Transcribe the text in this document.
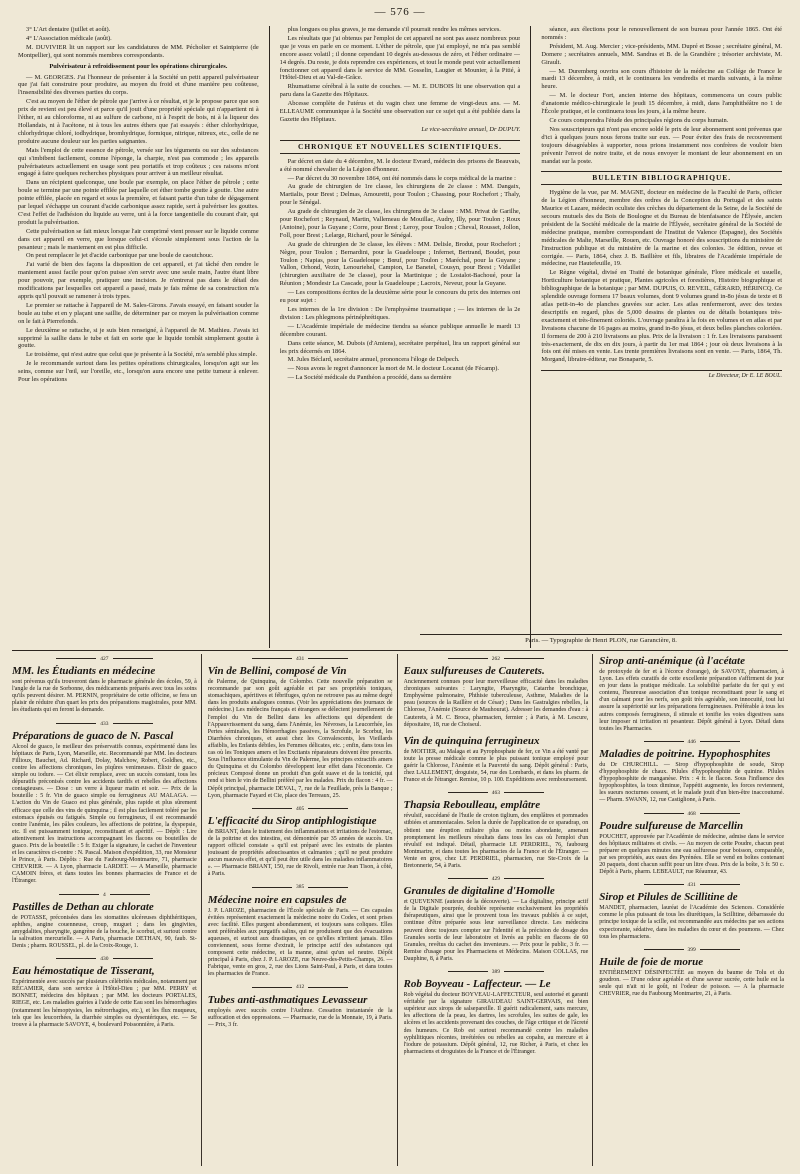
— 576 —

3° L'Art dentaire (juillet et août).

4° L'Association médicale (août).

M. DUVIVIER lit un rapport sur les candidatures de MM. Pécholier et Saintpierre (de Montpellier), qui sont nommés membres correspondants.

Pulvérisateur à refroidissement pour les opérations chirurgicales.

— M. GEORGES. J'ai l'honneur de présenter à la Société un petit appareil pulvérisateur que j'ai fait construire pour produire, au moyen du froid et d'une manière peu coûteuse, l'insensibilité des diverses parties du corps.

C'est au moyen de l'éther de pétrole que j'arrive à ce résultat, et je le propose parce que son prix de revient est peu élevé et parce qu'il jouit d'une propriété spéciale qui n'appartient ni à l'éther, ni au chloroforme, ni au sulfure de carbone, ni à l'esprit de bois, ni à la liqueur des Hollandais, ni à l'acétone, ni à tous les autres éthers que j'ai essayés : éther chlorhydrique, chlorhydrique chloré, iodhydrique, bromhydrique, formique, nitrique, nitreux, etc., celle de ne produire aucune douleur sur les parties saignantes.

Mais l'emploi de cette essence de pétrole, versée sur les téguments ou sur des substances qui s'imbibent facilement, comme l'éponge, la charpie, n'est pas commode ; les appareils pulvérisateurs actuellement en usage sont peu portatifs et trop coûteux ; ces raisons m'ont engagé à faire quelques recherches physiques pour arriver à un meilleur résultat.

Dans un récipient quelconque, une boule par exemple, on place l'éther de pétrole ; cette boule se termine par une pointe effilée par laquelle cet éther tombe goutte à goutte. Une autre pointe effilée, placée en regard et sous la première, et faisant partie d'un tube de dégagement par lequel s'échappe un courant d'acide carbonique assez rapide, sert à pulvériser les gouttes. C'est l'effet de l'adhésion du liquide au verre, uni à la force tangentielle du courant d'air, qui produit la pulvérisation.

Cette pulvérisation se fait mieux lorsque l'air comprimé vient presser sur le liquide comme dans cet appareil en verre, que lorsque celui-ci s'écoule simplement sous l'action de la pesanteur ; mais le maniement en est plus difficile.

On peut remplacer le jet d'acide carbonique par une boule de caoutchouc.

J'ai varié de bien des façons la disposition de cet appareil, et j'ai tâché d'en rendre le maniement aussi facile pour qu'on puisse s'en servir avec une seule main, l'autre étant libre pour pouvoir, par exemple, pratiquer une incision. Je n'entrerai pas dans le détail des modifications par lesquelles cet appareil a passé, mais je fais même de sa construction m'a appris qu'il pouvait se ramener à trois types.

Le premier se rattache à l'appareil de M. Sales-Girons. J'avais essayé, en faisant souder la boule au tube et en y plaçant une saillie, de déterminer par ce moyen la pulvérisation comme on le fait à Pierrefonds.

Le deuxième se rattache, si je suis bien renseigné, à l'appareil de M. Mathieu. J'avais ici supprimé la saillie dans le tube et fait en sorte que le liquide tombât simplement goutte à goutte.

Le troisième, qui n'est autre que celui que je présente à la Société, m'a semblé plus simple.

Je le recommande surtout dans les petites opérations chirurgicales, lorsqu'on agit sur les seins, comme sur l'œil, sur l'oreille, etc., lorsqu'on aura encore une petite tumeur à enlever. Pour les opérations

plus longues ou plus graves, je me demande s'il pourrait rendre les mêmes services.

Les résultats que j'ai obtenus par l'emploi de cet appareil ne sont pas assez nombreux pour que je vous en parle en ce moment. L'éther de pétrole, que j'ai employé, ne m'a pas semblé encore assez volatil ; il donne cependant 10 degrés au-dessous de zéro, et l'éther ordinaire — 14 degrés. Du reste, je dois reprendre ces expériences, et tout le monde peut voir actuellement fonctionner cet appareil dans le service de MM. Gosselin, Laugier et Mounier, à la Pitié, à l'Hôtel-Dieu et au Val-de-Grâce.

Rhumatisme cérébral à la suite de couches. — M. E. DUBOIS lit une observation qui a paru dans la Gazette des Hôpitaux.

Abcesse complète de l'utérus et du vagin chez une femme de vingt-deux ans. — M. ELLEAUME communique à la Société une observation sur ce sujet qui a été publiée dans la Gazette des Hôpitaux.

Le vice-secrétaire annuel, Dr DUPUY.
CHRONIQUE ET NOUVELLES SCIENTIFIQUES.

Par décret en date du 4 décembre, M. le docteur Evrard, médecin des prisons de Beauvais, a été nommé chevalier de la Légion d'honneur.

— Par décret du 30 novembre 1864, ont été nommés dans le corps médical de la marine :

Au grade de chirurgien de 1re classe, les chirurgiens de 2e classe : MM. Dangaix, Martialis, pour Brest ; Delmas, Amouretti, pour Toulon ; Chassing, pour Rochefort ; Thaly, pour le Sénégal.

Au grade de chirurgien de 2e classe, les chirurgiens de 3e classe : MM. Privat de Garilhe, pour Rochefort ; Reynaud, Martin, Vallemeau de Mouillac, Audry, Illy, pour Toulon ; Roux (Antoine), pour la Guyane ; Corre, pour Brest ; Leroy, pour Toulon ; Cheval, Rousset, Jollon, Foll, pour Brest ; Lelarge, Richard, pour le Sénégal.

Au grade de chirurgien de 3e classe, les élèves : MM. Delisle, Brodut, pour Rochefort ; Nègre, pour Toulon ; Bernardini, pour la Guadeloupe ; Infernet, Bertrand, Boudet, pour Toulon ; Napias, pour la Guadeloupe ; Bœuf, pour Toulon ; Maréchal, pour la Guyane ; Vallon, Orhond, Vezin, Lenouriehel, Campion, Le Banetel, Cousyn, pour Brest ; Vidaillet (chirurgien auxiliaire de 3e classe), pour la Martinique ; de Lostalot-Bachoué, pour la Réunion ; Mondesir La Cascade, pour la Guadeloupe ; Lacroix, Neveur, pour la Guyane.

— Les compositions écrites de la deuxième série pour le concours du prix des internes ont eu pour sujet :

Les internes de la 1re division : De l'emphysème traumatique ; — les internes de la 2e division : Les phlegmons périnéphrétiques.

— L'Académie impériale de médecine tiendra sa séance publique annuelle le mardi 13 décembre courant.

Dans cette séance, M. Dubois (d'Amiens), secrétaire perpétuel, lira un rapport général sur les prix décernés en 1864.

M. Jules Béclard, secrétaire annuel, prononcera l'éloge de Delpech.

— Nous avons le regret d'annoncer la mort de M. le docteur Locanut (de Fécamp).

— La Société médicale du Panthéon a procédé, dans sa dernière

séance, aux élections pour le renouvellement de son bureau pour l'année 1865. Ont été nommés :

Président, M. Aug. Mercier ; vice-présidents, MM. Dupré et Bosse ; secrétaire général, M. Domere ; secrétaires annuels, MM. Sandras et B. de la Grandière ; trésorier archiviste, M. Girault.

— M. Duremberg ouvrira son cours d'histoire de la médecine au Collége de France le mardi 13 décembre, à midi, et le continuera les vendredis et mardis suivants, à la même heure.

— M. le docteur Fort, ancien interne des hôpitaux, commencera un cours public d'anatomie médico-chirurgicale le jeudi 15 décembre, à midi, dans l'amphithéâtre no 1 de l'École pratique, et le continuera tous les jours, à la même heure.

Ce cours comprendra l'étude des principales régions du corps humain.

Nos souscripteurs qui n'ont pas encore soldé le prix de leur abonnement sont prévenus que d'ici à quelques jours nous ferons traite sur eux. — Pour éviter des frais de recouvrement toujours désagréables à supporter, nous prions instamment nos confrères de vouloir bien prévenir l'envoi de notre traite, et de nous envoyer le montant de leur abonnement en un mandat sur la poste.

BULLETIN BIBLIOGRAPHIQUE.

Hygiène de la vue, par M. MAGNE, docteur en médecine de la Faculté de Paris, officier de la Légion d'honneur, membre des ordres de la Conception du Portugal et des saints Maurice et Lazare, médecin oculiste des crèches du département de la Seine, de la Société de secours mutuels des du Bois de Boulogne et du Bureau de bienfaisance de l'Élysée, ancien président de la Société médicale de la mairie de l'Élysée, secrétaire général de la Société de médecine pratique, membre correspondant de l'Institut de Valence (Espagne), des Sociétés médicales de Malte, Marseille, Rouen, etc. Ouvrage honoré des souscriptions du ministère de l'instruction publique et du ministère de la marine et des colonies. 3e édition, revue et corrigée. — Paris, 1864, chez J. B. Baillière et fils, libraires de l'Académie impériale de médecine, rue Hautefeuille, 19.

Le Règne végétal, divisé en Traité de botanique générale, Flore médicale et usuelle, Horticulture botanique et pratique, Plantes agricoles et forestières, Histoire biographique et bibliographique de la botanique ; par MM. DUPUIS, O. REVEIL, GÉRARD, HÉRINCQ. Ce splendide ouvrage formera 17 beaux volumes, dont 9 volumes grand in-8o jésus de texte et 8 atlas petit-in-4o de planches gravées sur acier. Les atlas renfermeront, avec des textes descriptifs en regard, plus de 5,000 dessins de plantes ou de détails botaniques très-exactement et très-finement coloriés. L'ouvrage paraîtra à la fois en volumes et en atlas et par livraisons chacune de 16 pages au moins, grand in-8o jésus, et deux belles planches coloriées. Il formera de 200 à 210 livraisons au plus. Prix de la livraison : 1 fr. Les livraisons paraissent très-exactement, de dix en dix jours, à partir du 1er mai 1864 ; jour où deux livraisons à la fois ont été mises en vente. Les trente premières livraisons sont en vente. — Paris, 1864, Th. Morgand, libraire-éditeur, rue Bonaparte, 5.

Le Directeur, Dr E. LE BOUL.
Paris. — Typographie de Henri PLON, rue Garancière, 8.
427
MM. les Étudiants en médecine
sont prévenus qu'ils trouveront dans le pharmacie générale des écoles, 59, à l'angle de la rue de Sorbonne, des médicaments préparés avec tous les soins qu'ils peuvent désirer. M. PERNIN, propriétaire de cette officine, se fera un plaisir de réduire d'un quart les prix des préparations magistrales, pour MM. les étudiants qui en feront la demande.
433
Préparations de guaco de N. Pascal
Alcool de guaco, le meilleur des préservatifs connus, expérimenté dans les hôpitaux de Paris, Lyon, Marseille, etc. Recommandé par MM. les docteurs Fillioux, Bauchet, Ad. Richard, Dolay, Malchow, Robert, Goldhes, etc., contre les affections chroniques, les piqûres venimeuses. Élixir de guaco simple ou iodure. — Cet élixir remplace, avec un succès constant, tous les dépuratifs préconisés contre les accidents tardifs et rebelles des affections contagieuses. — Dose : un verre à liqueur matin et soir. — Prix de la bouteille : 5 fr. Vin de guaco simple ou ferrugineux AU MALAGA. — L'action du Vin de Guaco est plus générale, plus rapide et plus sûrement efficace que celle des vins de quinquina ; il est plus facilement toléré par les estomacs épuisés ou fatigués. Simple ou ferrugineux, il est recommandé contre l'anémie, les pâles couleurs, les affections de poitrine, la dyspepsie, etc. Il est puissamment tonique, reconstituant et apéritif. — Dépôt : Lire attentivement les instructions accompagnant les flacons ou bouteilles de guaco. Prix de la bouteille : 5 fr. Exiger la signature, le cachet de l'inventeur et les caractères ci-contre : N. Pascal. Maison d'expédition, 33, rue Monsieur le Prince, à Paris. Dépôts : Rue du Faubourg-Montmartre, 71, pharmacie CHEVRIER. — A Lyon, pharmacie LARDET. — A Marseille, pharmacie CAMOIN frères, et dans toutes les bonnes pharmacies de France et de l'Étranger.
4
Pastilles de Dethan au chlorate
de POTASSE, préconisées dans les stomatites ulcéreuses diphthéritiques, aphthes, angine couenneuse, croup, muguet ; dans les gingivites, amygdalites, pharyngite, gangrène de la bouche, le scorbut, et surtout contre la salivation mercurielle. — A Paris, pharmacie DETHAN, 90, faub. St-Denis ; pharm. ROUSSEL, pl. de la Croix-Rouge, 1.
430
Eau hémostatique de Tisserant,
Expérimentée avec succès par plusieurs célébrités médicales, notamment par RÉCAMIER, dans son service à l'Hôtel-Dieu ; par MM. PERRY et BONNET, médecins des hôpitaux ; par MM. les docteurs PORTALES, RIEGE, etc. Les maladies guéries à l'aide de cette Eau sont les hémorrhagies (notamment les hémoptysies, les métrorrhagies, etc.), et les flux muqueux, tels que les leucorrhées, la diarrhée simples ou dysentériques, etc. — Se trouve à la pharmacie SAVOYE, 4, boulevard Poissonnière, à Paris.
431
Vin de Bellini, composé de Vin
de Palerme, de Quinquina, de Colombo. Cette nouvelle préparation se recommande par son goût agréable et par ses propriétés toniques, stomachiques, apéritives et fébrifuges, qu'on ne retrouve pas au même degré dans les produits analogues connus. (Voir les appréciations des journaux de médecine.) Les médecins français et étrangers se délectent journellement de l'emploi du Vin de Bellini dans les affections qui dépendent de l'Appauvrissement du sang, dans l'Anémie, les Névroses, la Leucorrhée, les Pertes séminales, les Hémorrhagies passives, la Scrofule, le Scorbut, les Diarrhées chroniques, et aussi chez les Convalescents, les Vieillards affaiblis, les Enfants débiles, les Femmes délicates, etc. ; enfin, dans tous les cas où les Toniques amers et les Excitants réparateurs doivent être prescrits. Sous l'influence stimulante du Vin de Palerme, les principes extractifs amers du Quinquina et du Colombo développent leur effet dans l'économie. Ce précieux Composé donne un produit d'un goût suave et de la tonicité, qui rend si bien le vin de Bellini préféré par les malades. Prix du flacon : 4 fr. — Dépôt principal, pharmacie DEVAL, 7, rue de la Feuillade, près la Banque ; Lyon, pharmacie Fayard et Cie, place des Terreaux, 25.
405
L'efficacité du Sirop antiphlogistique
de BRIANT, dans le traitement des inflammations et irritations de l'estomac, de la poitrine et des intestins, est démontrée par 35 années de succès. Un rapport officiel constate « qu'il est préparé avec les extraits de plantes jouissant de propriétés adoucissantes et calmantes ; qu'il ne peut produire aucun mauvais effet, et qu'il peut être utile dans les maladies inflammatoires ». — Pharmacie BRIANT, 150, rue de Rivoli, entrée rue Jean Tison, à côté, à Paris.
385
Médecine noire en capsules de
J. P. LAROZE, pharmacien de l'École spéciale de Paris. — Ces capsules évitées représentent exactement la médecine noire du Codex, et sont prises avec facilité. Elles purgent abondamment, et toujours sans coliques. Elles sont préférables aux purgatifs salins, qui ne produisent que des évacuations aqueuses, et surtout aux drastiques, en ce qu'elles n'irritent jamais. Elles conviennent, sous forme d'extrait, le principe actif des substances qui composent cette médecine, et la manne, ainsi qu'un sel neutre. Dépôt principal à Paris, chez J. P. LAROZE, rue Neuve-des-Petits-Champs, 26. — Fabrique, vente en gros, 2, rue des Lions Saint-Paul, à Paris, et dans toutes les pharmacies de France.
412
Tubes anti-asthmatiques Levasseur
employés avec succès contre l'Asthme. Cessation instantanée de la suffocation et des oppressions. — Pharmacie, rue de la Monnaie, 19, à Paris. — Prix, 3 fr.
262
Eaux sulfureuses de Cauterets.
Anciennement connues pour leur merveilleuse efficacité dans les maladies chroniques suivantes : Laryngite, Pharyngite, Catarrhe bronchique, Emphysème pulmonaire, Phthisie tuberculeuse, Asthme, Maladies de la peau (sources de la Raillère et de César) ; Dans les Gastralgies rebelles, la Chlorose, l'Anémie (Source de Mauhourat). Adresser les demandes d'eau : à Cauterets, à M. C. Broca, pharmacien, fermier ; à Paris, à M. Lescure, dépositaire, 18, rue de Choiseul.
Vin de quinquina ferrugineux
de MOITIER, au Malaga et au Pyrophosphate de fer, ce Vin a été vanté par toute la presse médicale comme le plus puissant tonique employé pour guérir la Chlorose, l'Anémie et la Pauvreté du sang. Dépôt général : Paris, chez LALLEMENT, droguiste, 54, rue des Lombards, et dans les pharm. de France et de l'étranger. Remise, 10 p. 100. Expéditions avec remboursement.
463
Thapsia Reboulleau, emplâtre
révulsif, succédané de l'huile de croton tiglium, des emplâtres et pommades stibiées et ammoniacales. Selon la durée de l'application de ce sparadrap, on obtient une éruption miliaire plus ou moins abondante, amenant promptement les meilleurs résultats dans tous les cas où l'emploi d'un révulsif est indiqué. Détail, pharmacie LE PERDRIEL, 76, faubourg Montmartre, et dans toutes les pharmacies de la France et de l'Étranger. — Vente en gros, chez LE PERDRIEL, pharmacien, rue Ste-Croix de la Bretonnerie, 54, à Paris.
429
Granules de digitaline d'Homolle
et QUEVENNE (auteurs de la découverte). — La digitaline, principe actif de la Digitale pourprée, doublée représente exclusivement les propriétés thérapeutiques, ainsi que le prouvent tous les travaux publiés à ce sujet, continue d'être préparée sous leur surveillance directe. Les médecins peuvent donc toujours compter sur l'identité et la précision de dosage des Granules sortis de leur laboratoire et livrés au public en flacons de 60 Granules, revêtus du cachet des inventeurs. — Prix pour le public, 3 fr. — Remise d'usage pour les Pharmaciens et Médecins. Maison COLLAS, rue Dauphine, 8, à Paris.
389
Rob Boyveau - Laffecteur. — Le
Rob végétal du docteur BOYVEAU-LAFFECTEUR, seul autorisé et garanti véritable par la signature GIRAUDEAU SAINT-GERVAIS, est bien supérieur aux sirops de salsepareille. Il guérit radicalement, sans mercure, les affections de la peau, les dartres, les scrofules, les suites de gale, les ulcères et les accidents provenant des couches, de l'âge critique et de l'âcreté des humeurs. Ce Rob est surtout recommandé contre les maladies syphilitiques récentes, invétérées ou rebelles au copahu, au mercure et à l'iodure de potassium. Dépôt général, 12, rue Richer, à Paris, et chez les pharmaciens et droguistes de la France et de l'Étranger.
Sirop anti-anémique (à l'acétate
de protoxyde de fer et à l'écorce d'orange), de SAVOYE, pharmacien, à Lyon. Les effets curatifs de cette excellente préparation s'affirment de jour en jour dans la pratique médicale. La solubilité parfaite du fer qui y est contenu, l'heureuse association d'un tonique reconstituant pour le sang et d'un calmant pour les nerfs, son goût très agréable, son innocuité, tout lui assure la supériorité sur les préparations ferrugineuses. Préférable à tous les autres composés ferrugineux, il stimule et tonifie les voies digestives sans leur imposer ni irritation ni pesanteur. Dépôt général à Lyon. Détail dans toutes les Pharmacies.
446
Maladies de poitrine. Hypophosphites
du Dr CHURCHILL. — Sirop d'hypophosphite de soude, Sirop d'hypophosphite de chaux. Pilules d'hypophosphite de quinine. Pilules d'hypophosphite de manganèse. Prix : 4 fr. le flacon. Sous l'influence des hypophosphites, la toux diminue, l'appétit augmente, les forces reviennent, les sueurs nocturnes cessent, et le malade jouit d'un bien-être inaccoutumé. — Pharm. SWANN, 12, rue Castiglione, à Paris.
468
Poudre sulfureuse de Marcellin
POUCHET, approuvée par l'Académie de médecine, admise dans le service des hôpitaux militaires et civils. — Au moyen de cette Poudre, chacun peut préparer en quelques minutes une eau sulfureuse pour boisson, comparable, par ses propriétés, aux eaux des Pyrénées. Elle se vend en boîtes contenant 20 paquets, dont chacun suffit pour un litre d'eau. Prix de la boîte, 3 fr. 50 c. Dépôt à Paris, pharm. LEBEAULT, rue Réaumur, 43.
431
Sirop et Pilules de Scillitine de
MANDET, pharmacien, lauréat de l'Académie des Sciences. Considérée comme le plus puissant de tous les diurétiques, la Scillitine, débarrassée du principe toxique de la scille, est recommandée aux médecins par ses actions expectorante, sédative, dans les maladies du cœur et des poumons. — Chez tous les pharmaciens.
399
Huile de foie de morue
ENTIÈREMENT DÉSINFECTÉE au moyen du baume de Tolu et du goudron. — D'une odeur agréable et d'une saveur sucrée, cette huile est la seule qui n'ait ni le goût, ni l'odeur de poisson. — A la pharmacie CHEVRIER, rue du Faubourg Montmartre, 21, à Paris.
